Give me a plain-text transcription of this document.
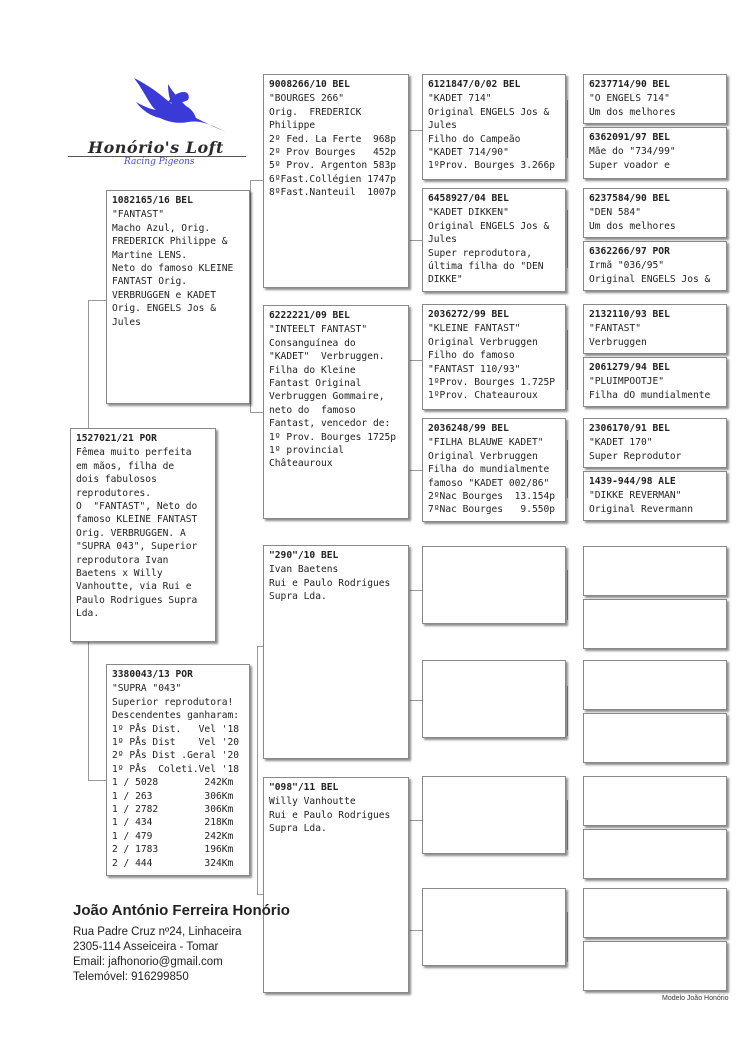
Honório's Loft
Racing Pigeons
1527021/21 POR
Fêmea muito perfeita
em mãos, filha de
dois fabulosos
reprodutores.
O  "FANTAST", Neto do
famoso KLEINE FANTAST
Orig. VERBRUGGEN. A
"SUPRA 043", Superior
reprodutora Ivan
Baetens x Willy
Vanhoutte, via Rui e
Paulo Rodrigues Supra
Lda.
1082165/16 BEL
"FANTAST"
Macho Azul, Orig.
FREDERICK Philippe &
Martine LENS.
Neto do famoso KLEINE
FANTAST Orig.
VERBRUGGEN e KADET
Orig. ENGELS Jos &
Jules
3380043/13 POR
"SUPRA "043"
Superior reprodutora!
Descendentes ganharam:
1º PÅs Dist.   Vel '18
1º PÅs Dist    Vel '20
2º PÅs Dist .Geral '20
1º PÅs  Coleti.Vel '18
1 / 5028        242Km
1 / 263         306Km
1 / 2782        306Km
1 / 434         218Km
1 / 479         242Km
2 / 1783        196Km
2 / 444         324Km
9008266/10 BEL
"BOURGES 266"
Orig.  FREDERICK
Philippe
2º Fed. La Ferte  968p
2º Prov Bourges   452p
5º Prov. Argenton 583p
6ºFast.Collégien 1747p
8ºFast.Nanteuil  1007p
6222221/09 BEL
"INTEELT FANTAST"
Consanguínea do
"KADET"  Verbruggen.
Filha do Kleine
Fantast Original
Verbruggen Gommaire,
neto do  famoso
Fantast, vencedor de:
1º Prov. Bourges 1725p
1º provincial
Châteauroux
"290"/10 BEL
Ivan Baetens
Rui e Paulo Rodrigues
Supra Lda.
"098"/11 BEL
Willy Vanhoutte
Rui e Paulo Rodrigues
Supra Lda.
6121847/0/02 BEL
"KADET 714"
Original ENGELS Jos &
Jules
Filho do Campeão
"KADET 714/90"
1ºProv. Bourges 3.266p
6458927/04 BEL
"KADET DIKKEN"
Original ENGELS Jos &
Jules
Super reprodutora,
última filha do "DEN
DIKKE"
2036272/99 BEL
"KLEINE FANTAST"
Original Verbruggen
Filho do famoso
"FANTAST 110/93"
1ºProv. Bourges 1.725P
1ºProv. Chateauroux
2036248/99 BEL
"FILHA BLAUWE KADET"
Original Verbruggen
Filha do mundialmente
famoso "KADET 002/86"
2ºNac Bourges  13.154p
7ºNac Bourges   9.550p
6237714/90 BEL
"O ENGELS 714"
Um dos melhores
6362091/97 BEL
Mãe do "734/99"
Super voador e
6237584/90 BEL
"DEN 584"
Um dos melhores
6362266/97 POR
Irmã "036/95"
Original ENGELS Jos &
2132110/93 BEL
"FANTAST"
Verbruggen
2061279/94 BEL
"PLUIMPOOTJE"
Filha dO mundialmente
2306170/91 BEL
"KADET 170"
Super Reprodutor
1439-944/98 ALE
"DIKKE REVERMAN"
Original Revermann
João António Ferreira Honório
Rua Padre Cruz nº24, Linhaceira
2305-114 Asseiceira - Tomar
Email: jafhonorio@gmail.com
Telemóvel: 916299850
Modelo João Honório
